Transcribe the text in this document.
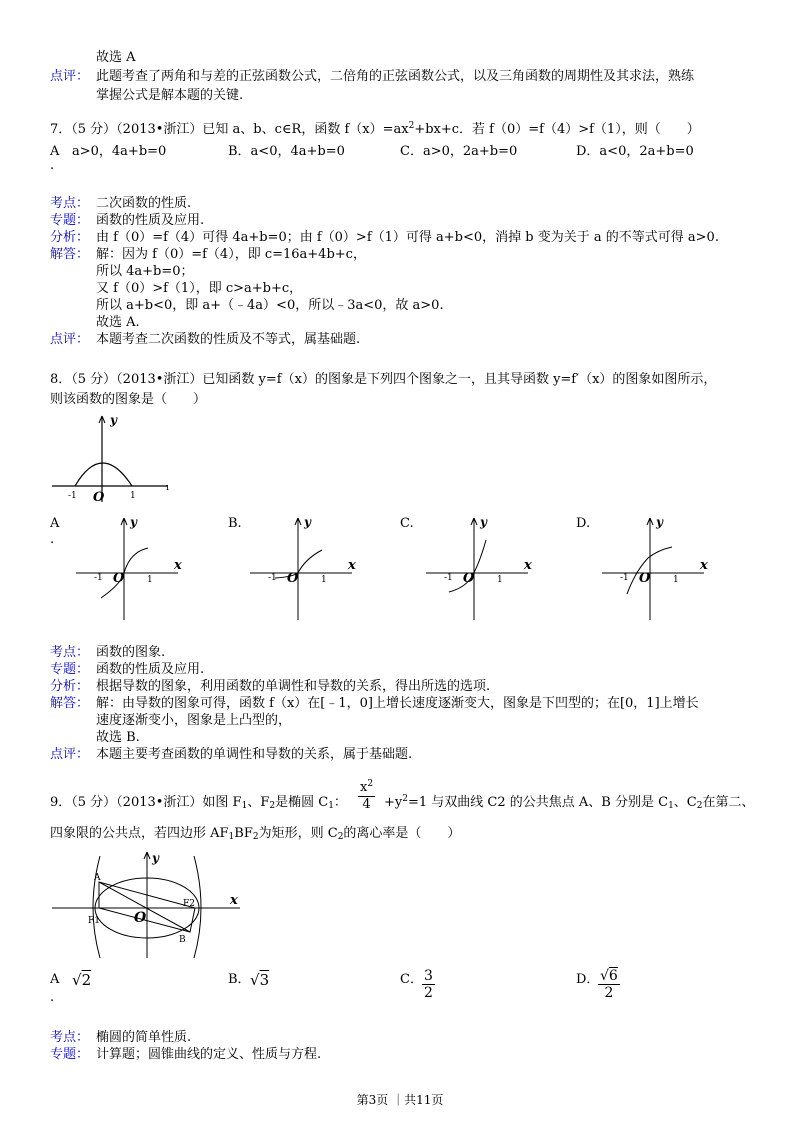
故选 A
点评： 此题考查了两角和与差的正弦函数公式，二倍角的正弦函数公式，以及三角函数的周期性及其求法，熟练
掌握公式是解本题的关键.
7．（5 分）（2013•浙江）已知 a、b、c∈R，函数 $f(x)=ax^2+bx+c$．若 f（0）=f（4）>f（1），则（　　）
A
.
a>0，4a+b=0	B．a<0，4a+b=0	C．a>0，2a+b=0	D．a<0，2a+b=0
考点： 二次函数的性质.
专题： 函数的性质及应用.
分析： 由 f（0）=f（4）可得 4a+b=0；由 f（0）>f（1）可得 a+b<0，消掉 b 变为关于 a 的不等式可得 a>0.
解答： 解：因为 f（0）=f（4），即 c=16a+4b+c，
所以 4a+b=0；
又 f（0）>f（1），即 c>a+b+c，
所以 a+b<0，即 a+（﹣4a）<0，所以﹣3a<0，故 a>0.
故选 A.
点评： 本题考查二次函数的性质及不等式，属基础题.
8．（5 分）（2013•浙江）已知函数 y=f（x）的图象是下列四个图象之一，且其导函数 y=f′（x）的图象如图所示，
则该函数的图象是（　　）
y
ı
-1 O	1
A
.
B.	C.	D.
y
x
-1 O	1
y
x
-1 O	1
y
x
-1 O	1
y
x
-1 O	1
考点： 函数的图象.
专题： 函数的性质及应用.
分析： 根据导数的图象，利用函数的单调性和导数的关系，得出所选的选项.
解答： 解：由导数的图象可得，函数 f（x）在[﹣1，0]上增长速度逐渐变大，图象是下凹型的；在[0，1]上增长
速度逐渐变小，图象是上凸型的，
故选 B.
点评： 本题主要考查函数的单调性和导数的关系，属于基础题.
9．（5 分）（2013•浙江）如图 $F_1$、$F_2$是椭圆 $C_1$： $\frac{x^2}{4} +y^2=1$ 与双曲线 C2 的公共焦点 A、B 分别是 $C_1$、$C_2$在第二、
四象限的公共点，若四边形 $AF_1BF_2$为矩形，则 $C_2$的离心率是（　　）
y
x
A
B
F1
F2
O
A
.
√2	B． √3	C． $\frac{3}{2}$	D．
$\frac{√6}{2}$
考点： 椭圆的简单性质.
专题： 计算题；圆锥曲线的定义、性质与方程.
第3页 ｜共11页
